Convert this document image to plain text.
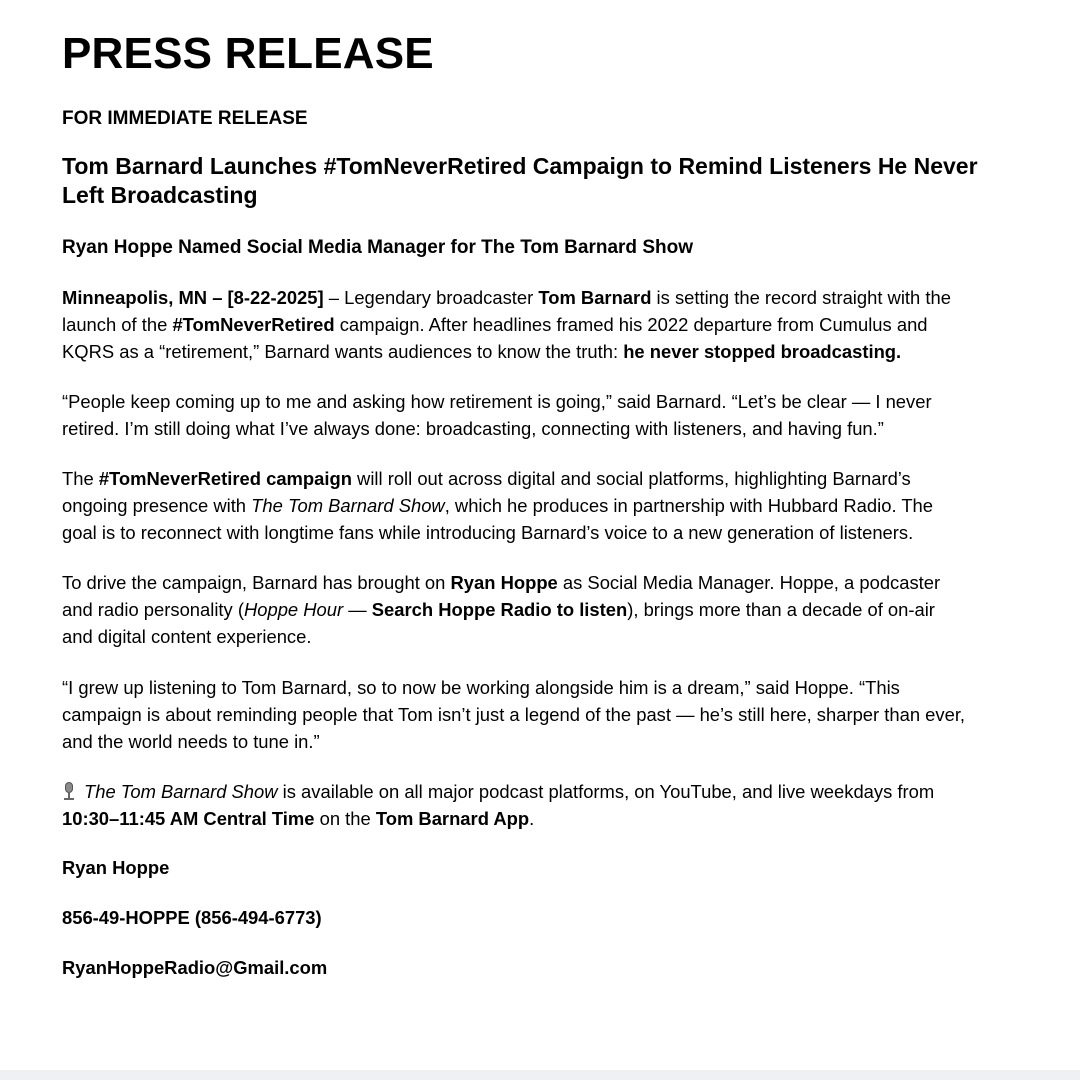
PRESS RELEASE

FOR IMMEDIATE RELEASE

Tom Barnard Launches #TomNeverRetired Campaign to Remind Listeners He Never
Left Broadcasting

Ryan Hoppe Named Social Media Manager for The Tom Barnard Show

Minneapolis, MN – [8-22-2025] – Legendary broadcaster Tom Barnard is setting the record straight with the
launch of the #TomNeverRetired campaign. After headlines framed his 2022 departure from Cumulus and
KQRS as a “retirement,” Barnard wants audiences to know the truth: he never stopped broadcasting.

“People keep coming up to me and asking how retirement is going,” said Barnard. “Let’s be clear — I never
retired. I’m still doing what I’ve always done: broadcasting, connecting with listeners, and having fun.”

The #TomNeverRetired campaign will roll out across digital and social platforms, highlighting Barnard’s
ongoing presence with The Tom Barnard Show, which he produces in partnership with Hubbard Radio. The
goal is to reconnect with longtime fans while introducing Barnard’s voice to a new generation of listeners.

To drive the campaign, Barnard has brought on Ryan Hoppe as Social Media Manager. Hoppe, a podcaster
and radio personality (Hoppe Hour — Search Hoppe Radio to listen), brings more than a decade of on-air
and digital content experience.

“I grew up listening to Tom Barnard, so to now be working alongside him is a dream,” said Hoppe. “This
campaign is about reminding people that Tom isn’t just a legend of the past — he’s still here, sharper than ever,
and the world needs to tune in.”

The Tom Barnard Show is available on all major podcast platforms, on YouTube, and live weekdays from
10:30–11:45 AM Central Time on the Tom Barnard App.

Ryan Hoppe

856-49-HOPPE (856-494-6773)

RyanHoppeRadio@Gmail.com
